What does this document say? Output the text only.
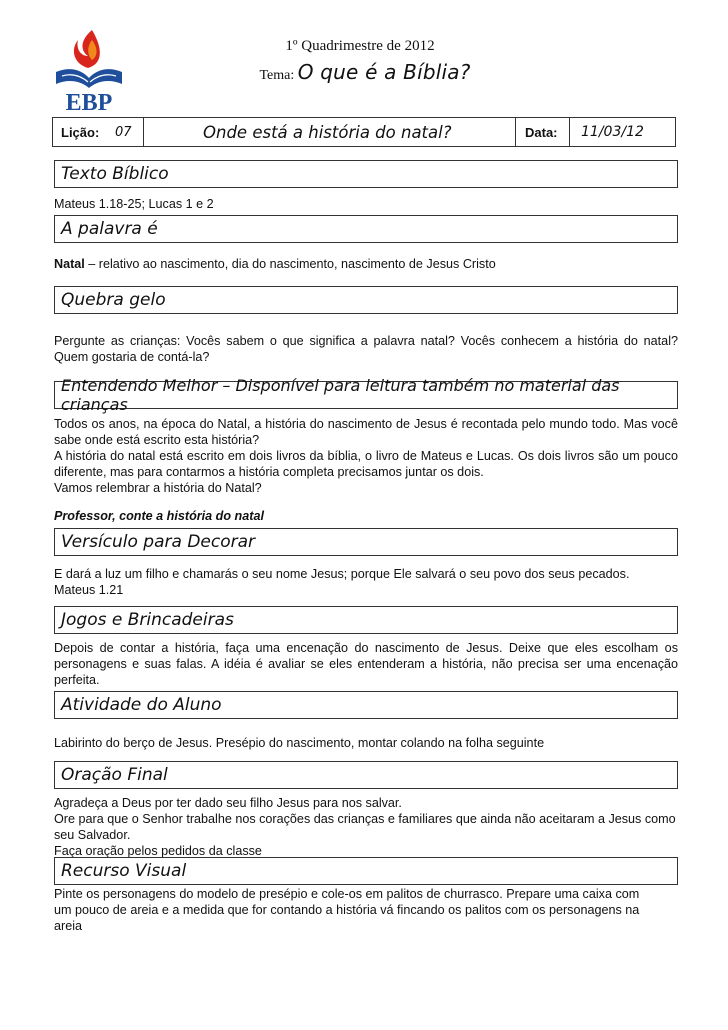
EBP
1º Quadrimestre de 2012
Tema: O que é a Bíblia?
Lição: 07	Onde está a história do natal?	Data: 11/03/12
Texto Bíblico
Mateus 1.18-25; Lucas 1 e 2
A palavra é
Natal – relativo ao nascimento, dia do nascimento, nascimento de Jesus Cristo
Quebra gelo
Pergunte as crianças: Vocês sabem o que significa a palavra natal? Vocês conhecem a história do natal? Quem gostaria de contá-la?
Entendendo Melhor – Disponível para leitura também no material das crianças
Todos os anos, na época do Natal, a história do nascimento de Jesus é recontada pelo mundo todo. Mas você sabe onde está escrito esta história?
A história do natal está escrito em dois livros da bíblia, o livro de Mateus e Lucas. Os dois livros são um pouco diferente, mas para contarmos a história completa precisamos juntar os dois.
Vamos relembrar a história do Natal?
Professor, conte a história do natal
Versículo para Decorar
E dará a luz um filho e chamarás o seu nome Jesus; porque Ele salvará o seu povo dos seus pecados.
Mateus 1.21
Jogos e Brincadeiras
Depois de contar a história, faça uma encenação do nascimento de Jesus. Deixe que eles escolham os personagens e suas falas. A idéia é avaliar se eles entenderam a história, não precisa ser uma encenação perfeita.
Atividade do Aluno
Labirinto do berço de Jesus. Presépio do nascimento, montar colando na folha seguinte
Oração Final
Agradeça a Deus por ter dado seu filho Jesus para nos salvar.
Ore para que o Senhor trabalhe nos corações das crianças e familiares que ainda não aceitaram a Jesus como seu Salvador.
Faça oração pelos pedidos da classe
Recurso Visual
Pinte os personagens do modelo de presépio e cole-os em palitos de churrasco. Prepare uma caixa com um pouco de areia e a medida que for contando a história vá fincando os palitos com os personagens na areia
